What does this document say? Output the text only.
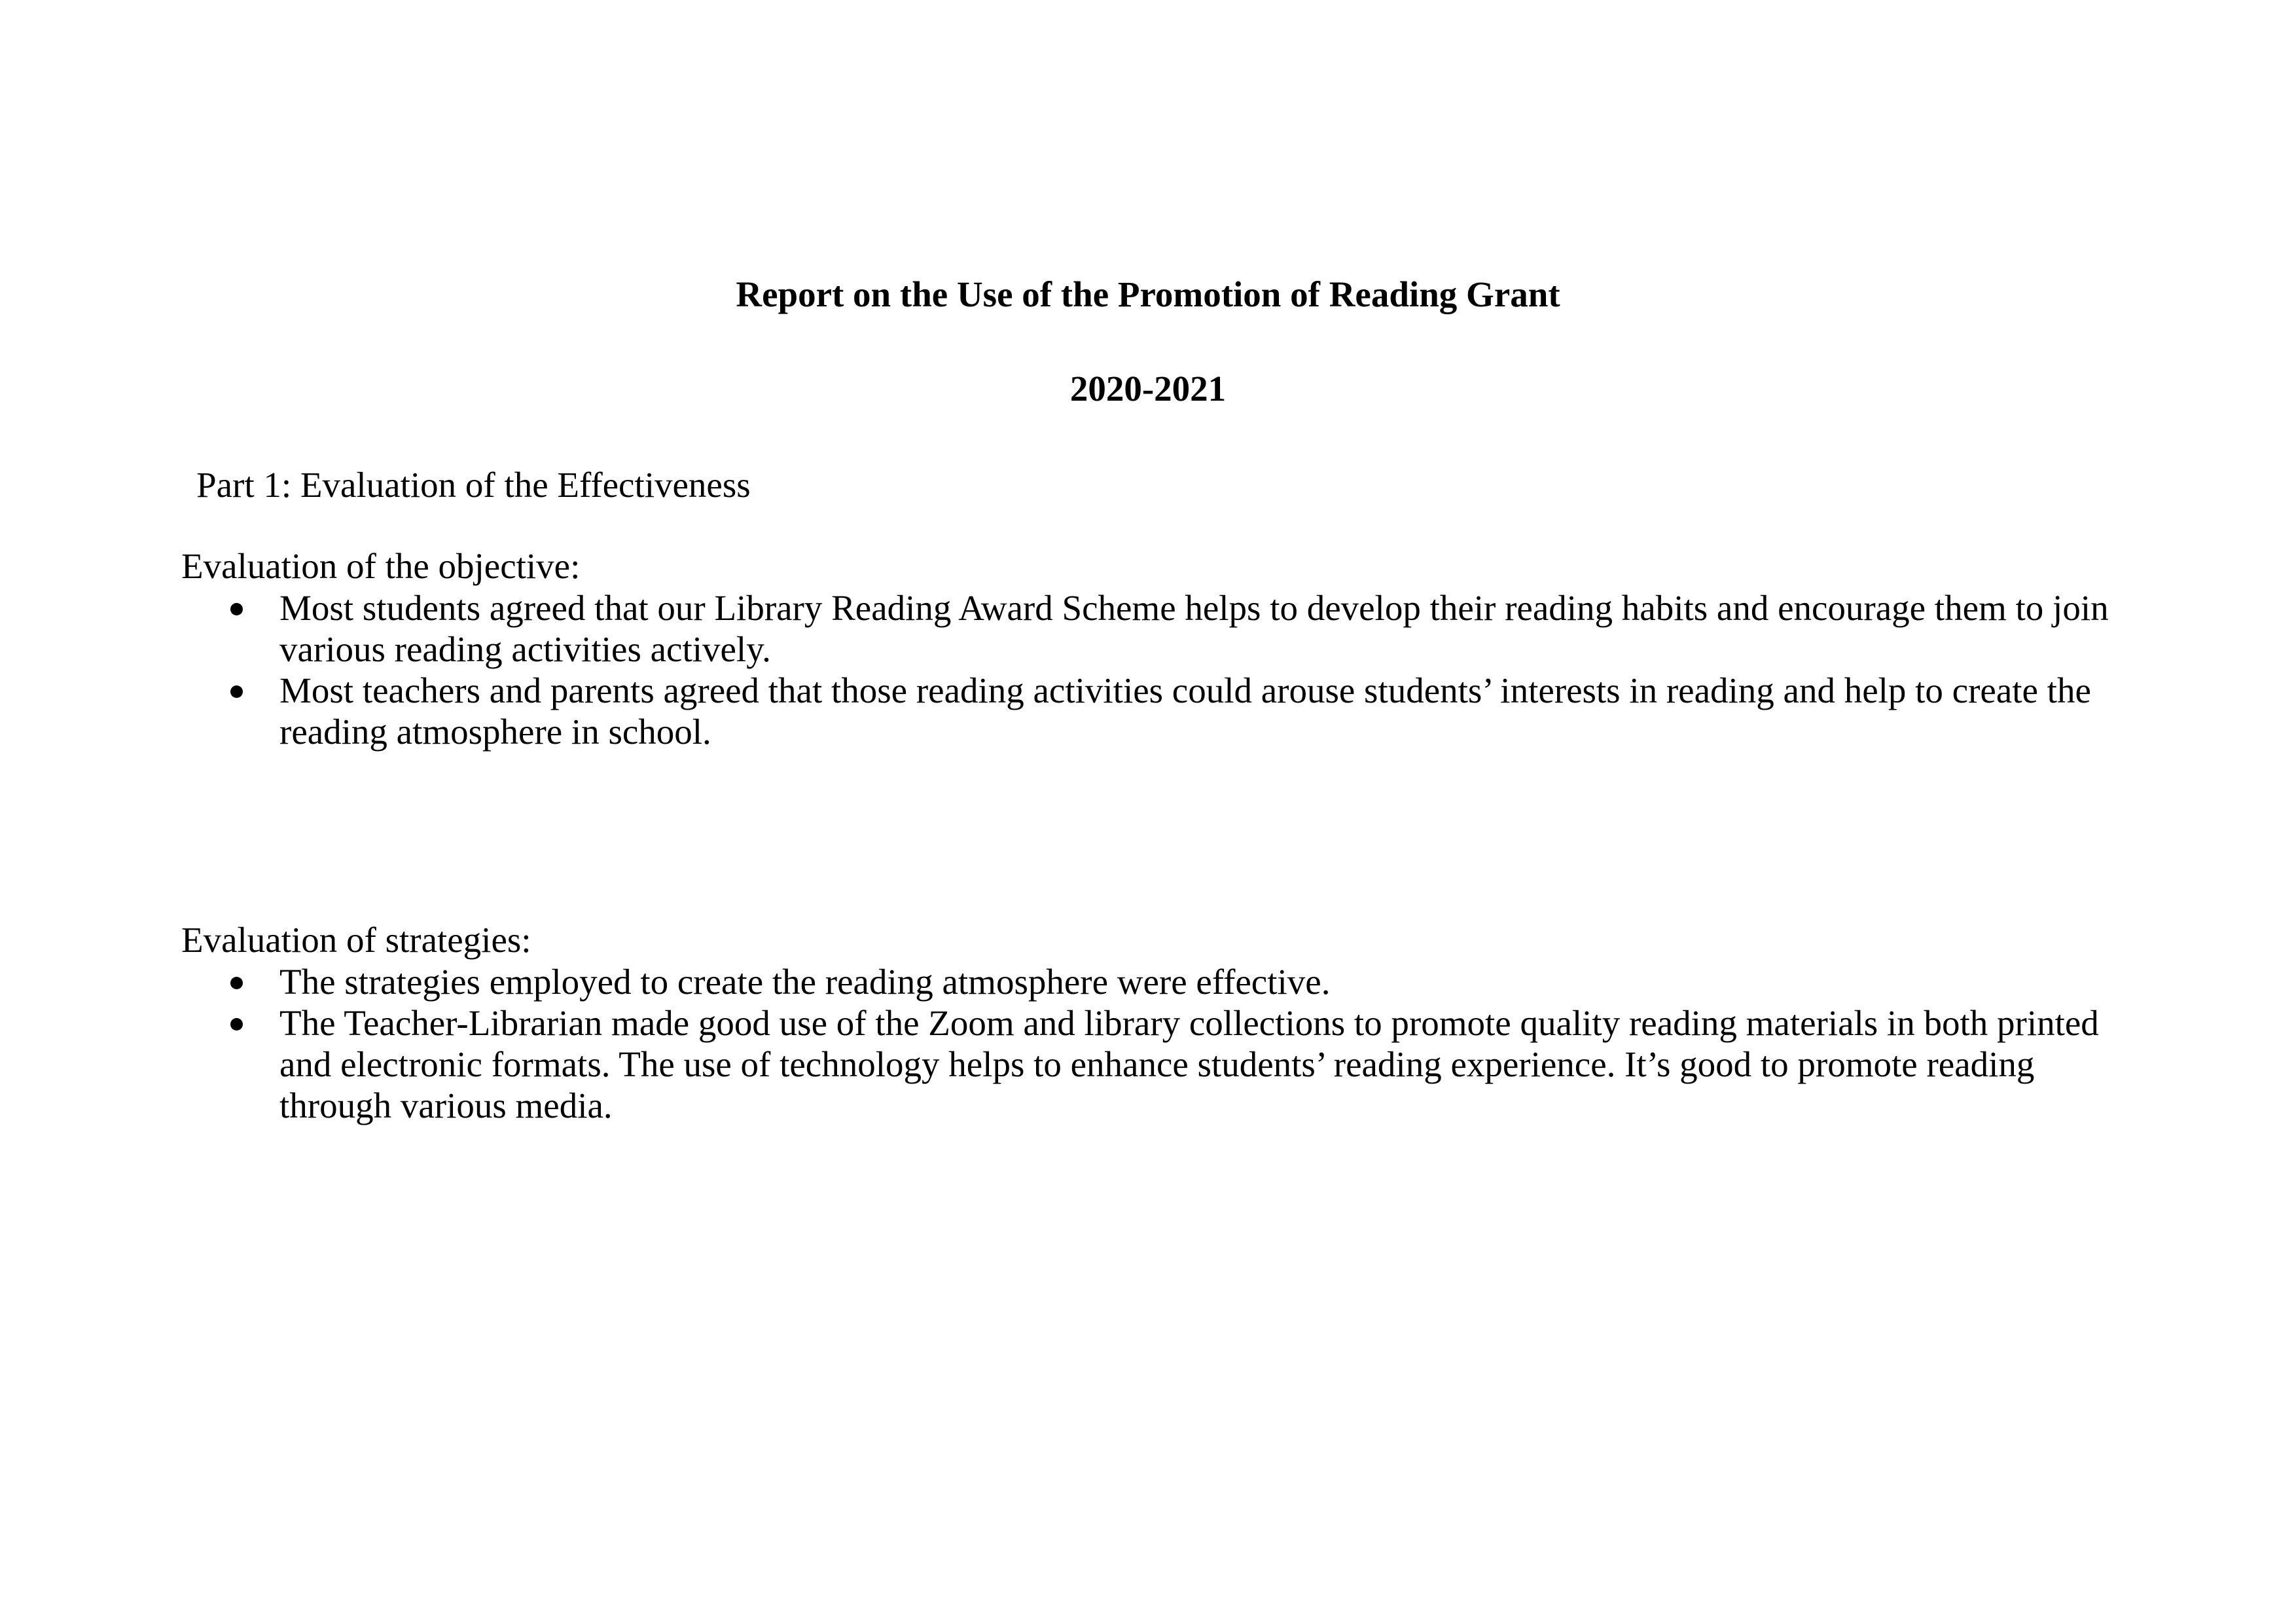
Report on the Use of the Promotion of Reading Grant
2020-2021

Part 1: Evaluation of the Effectiveness

Evaluation of the objective:
Most students agreed that our Library Reading Award Scheme helps to develop their reading habits and encourage them to join various reading activities actively.
Most teachers and parents agreed that those reading activities could arouse students’ interests in reading and help to create the reading atmosphere in school.
Evaluation of strategies:
The strategies employed to create the reading atmosphere were effective.
The Teacher-Librarian made good use of the Zoom and library collections to promote quality reading materials in both printed and electronic formats. The use of technology helps to enhance students’ reading experience. It’s good to promote reading through various media.
